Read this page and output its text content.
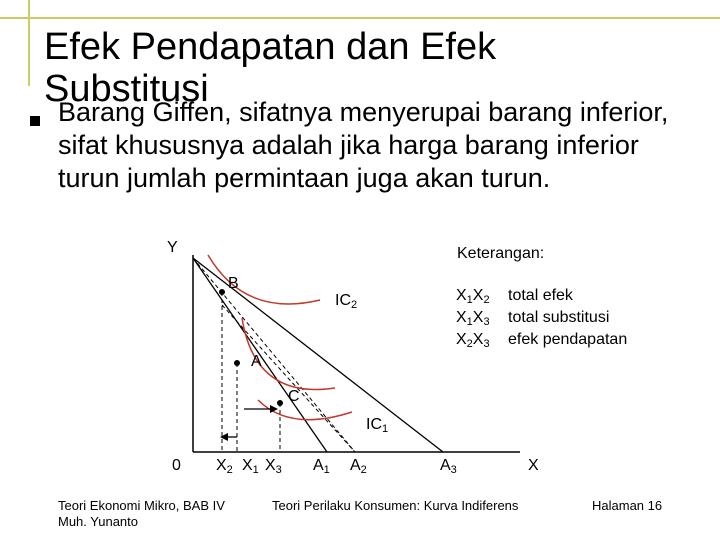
Efek Pendapatan dan Efek
Substitusi
Barang Giffen, sifatnya menyerupai barang inferior, sifat khususnya adalah jika harga barang inferior turun jumlah permintaan juga akan turun.
Y
B
A
C
IC2
IC1
0 X2 X1 X3 A1 A2	A3	X
Keterangan:
X1X2 total efek
X1X3 total substitusi
X2X3 efek pendapatan
Teori Ekonomi Mikro, BAB IV
Muh. Yunanto
Teori Perilaku Konsumen: Kurva Indiferens	Halaman 16
